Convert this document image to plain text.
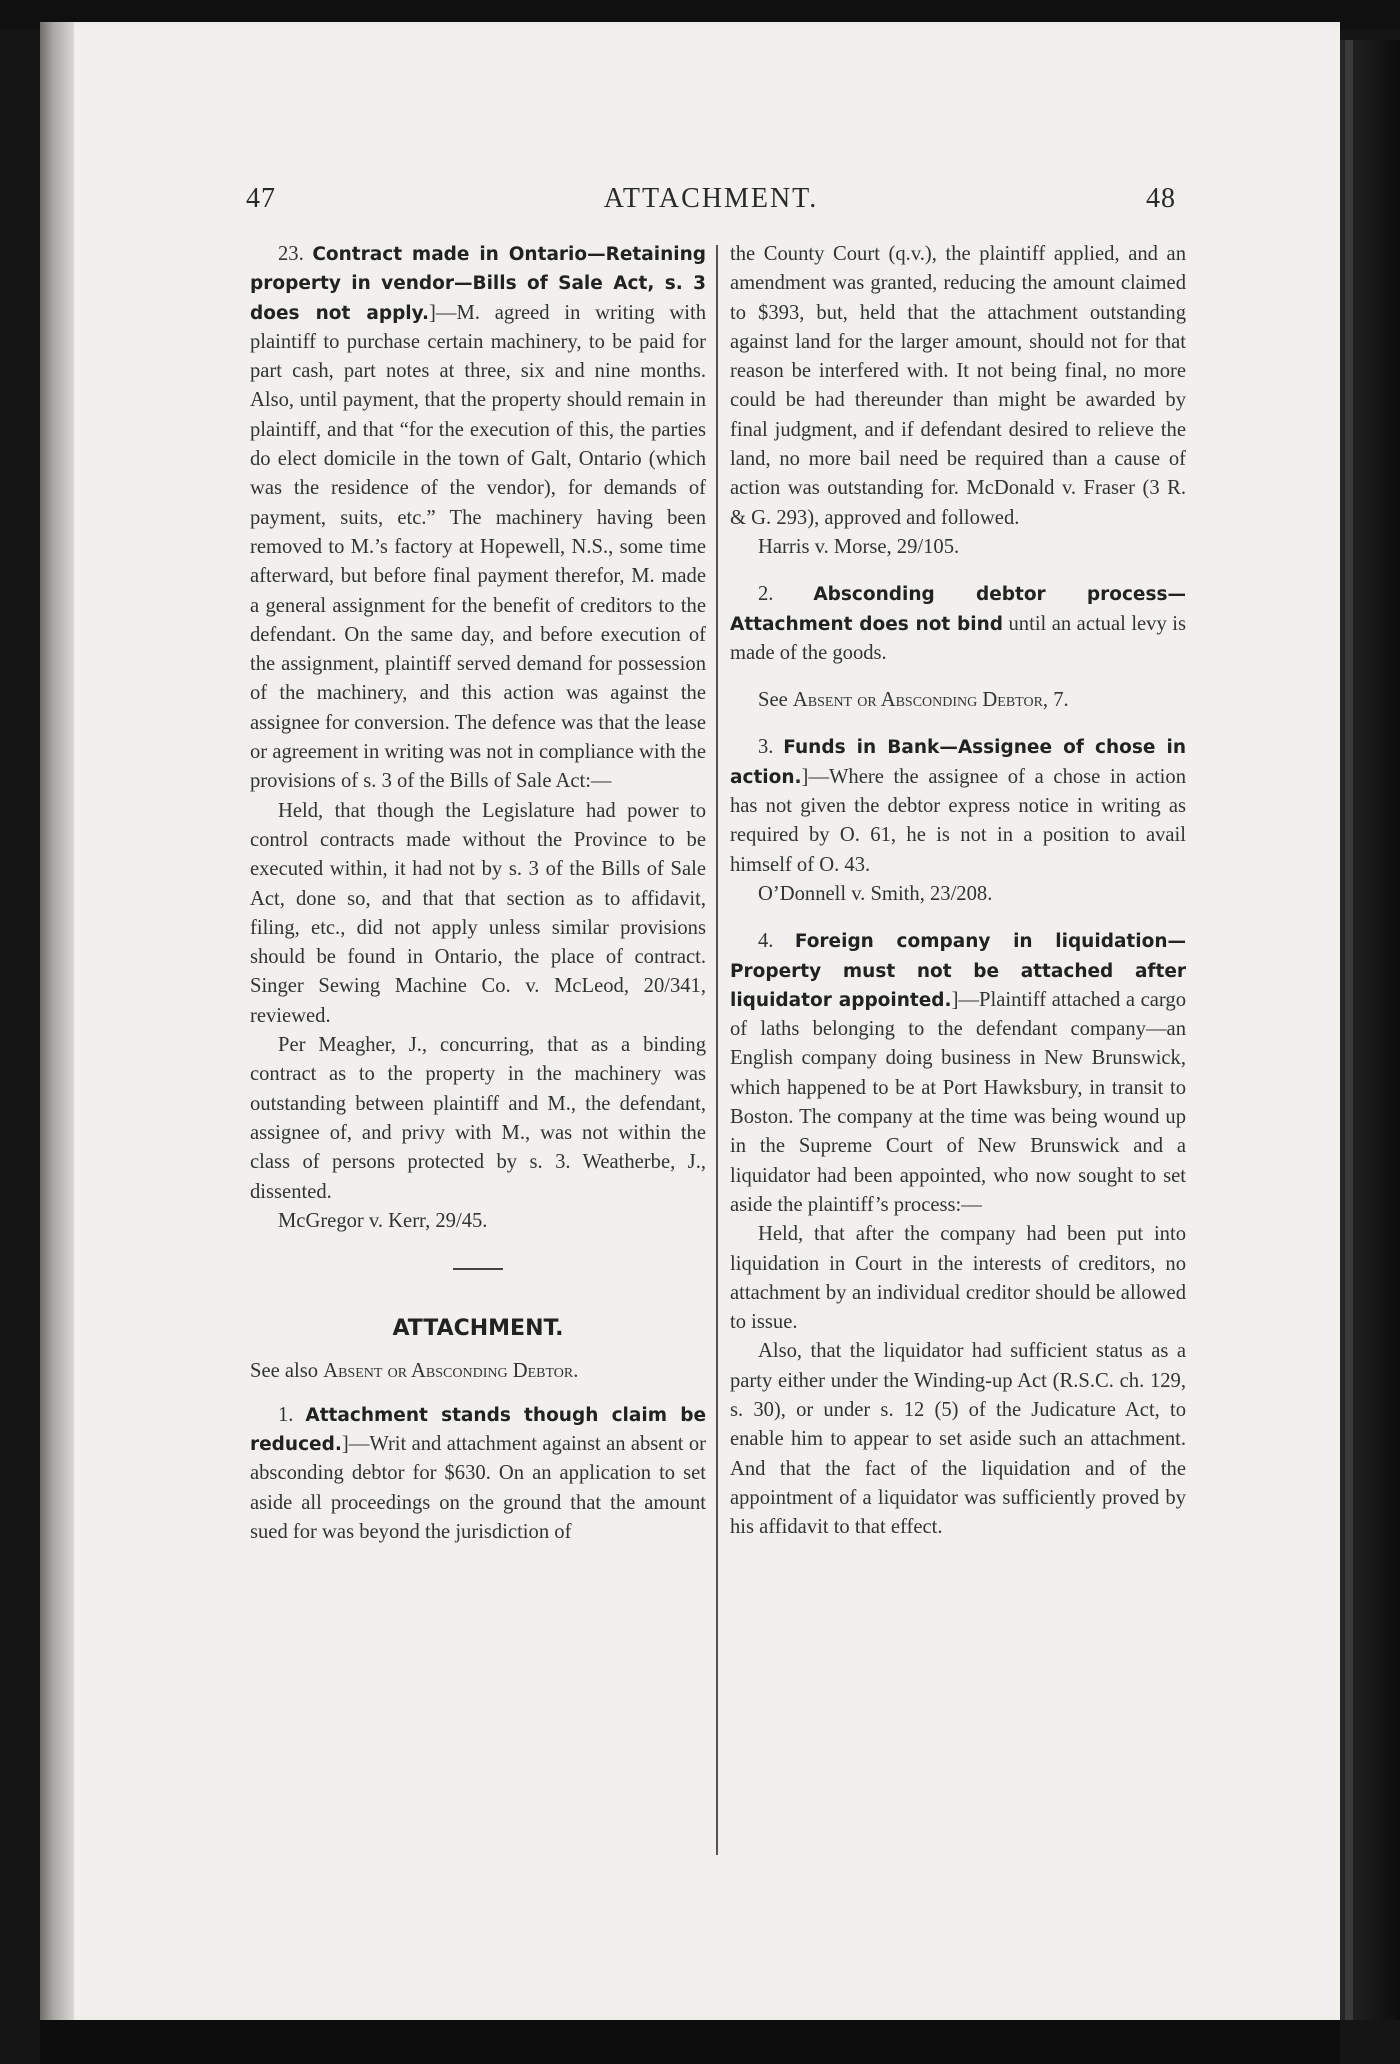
47	ATTACHMENT.	48

23. Contract made in Ontario—Retaining property in vendor—Bills of Sale Act, s. 3 does not apply.]—M. agreed in writing with plaintiff to purchase certain machinery, to be paid for part cash, part notes at three, six and nine months. Also, until payment, that the property should remain in plaintiff, and that “for the execution of this, the parties do elect domicile in the town of Galt, Ontario (which was the residence of the vendor), for demands of payment, suits, etc.” The machinery having been removed to M.’s factory at Hopewell, N.S., some time afterward, but before final payment therefor, M. made a general assignment for the benefit of creditors to the defendant. On the same day, and before execution of the assignment, plaintiff served demand for possession of the machinery, and this action was against the assignee for conversion. The defence was that the lease or agreement in writing was not in compliance with the provisions of s. 3 of the Bills of Sale Act:—

Held, that though the Legislature had power to control contracts made without the Province to be executed within, it had not by s. 3 of the Bills of Sale Act, done so, and that that section as to affidavit, filing, etc., did not apply unless similar provisions should be found in Ontario, the place of contract. Singer Sewing Machine Co. v. McLeod, 20/341, reviewed.

Per Meagher, J., concurring, that as a binding contract as to the property in the machinery was outstanding between plaintiff and M., the defendant, assignee of, and privy with M., was not within the class of persons protected by s. 3. Weatherbe, J., dissented.

McGregor v. Kerr, 29/45.

ATTACHMENT.

See also Absent or Absconding Debtor.

1. Attachment stands though claim be reduced.]—Writ and attachment against an absent or absconding debtor for $630. On an application to set aside all proceedings on the ground that the amount sued for was beyond the jurisdiction of

the County Court (q.v.), the plaintiff applied, and an amendment was granted, reducing the amount claimed to $393, but, held that the attachment outstanding against land for the larger amount, should not for that reason be interfered with. It not being final, no more could be had thereunder than might be awarded by final judgment, and if defendant desired to relieve the land, no more bail need be required than a cause of action was outstanding for. McDonald v. Fraser (3 R. & G. 293), approved and followed.

Harris v. Morse, 29/105.

2. Absconding debtor process—Attachment does not bind until an actual levy is made of the goods.

See Absent or Absconding Debtor, 7.

3. Funds in Bank—Assignee of chose in action.]—Where the assignee of a chose in action has not given the debtor express notice in writing as required by O. 61, he is not in a position to avail himself of O. 43.

O’Donnell v. Smith, 23/208.

4. Foreign company in liquidation—Property must not be attached after liquidator appointed.]—Plaintiff attached a cargo of laths belonging to the defendant company—an English company doing business in New Brunswick, which happened to be at Port Hawksbury, in transit to Boston. The company at the time was being wound up in the Supreme Court of New Brunswick and a liquidator had been appointed, who now sought to set aside the plaintiff’s process:—

Held, that after the company had been put into liquidation in Court in the interests of creditors, no attachment by an individual creditor should be allowed to issue.

Also, that the liquidator had sufficient status as a party either under the Winding-up Act (R.S.C. ch. 129, s. 30), or under s. 12 (5) of the Judicature Act, to enable him to appear to set aside such an attachment. And that the fact of the liquidation and of the appointment of a liquidator was sufficiently proved by his affidavit to that effect.
